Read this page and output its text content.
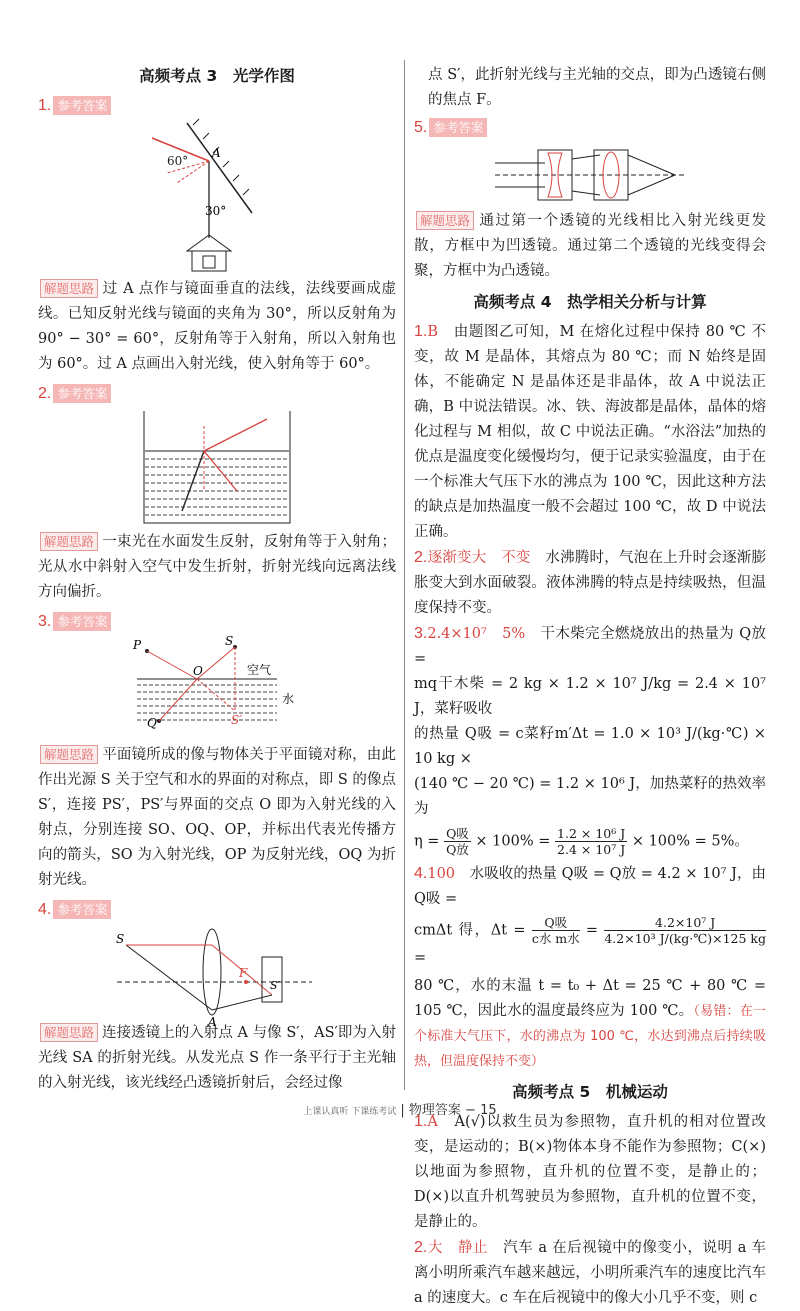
高频考点 3　光学作图
1. 参考答案
60°
A
30°

解题思路 过 A 点作与镜面垂直的法线，法线要画成虚线。已知反射光线与镜面的夹角为 30°，所以反射角为 90° − 30° = 60°，反射角等于入射角，所以入射角也为 60°。过 A 点画出入射光线，使入射角等于 60°。

2. 参考答案

解题思路 一束光在水面发生反射，反射角等于入射角；光从水中斜射入空气中发生折射，折射光线向远离法线方向偏折。

3. 参考答案
P	S
O
Q	S′
空气
水

解题思路 平面镜所成的像与物体关于平面镜对称，由此作出光源 S 关于空气和水的界面的对称点，即 S 的像点 S′，连接 PS′，PS′与界面的交点 O 即为入射光线的入射点，分别连接 SO、OQ、OP，并标出代表光传播方向的箭头，SO 为入射光线，OP 为反射光线，OQ 为折射光线。

4. 参考答案
S
A
F
S′

解题思路 连接透镜上的入射点 A 与像 S′，AS′即为入射光线 SA 的折射光线。从发光点 S 作一条平行于主光轴的入射光线，该光线经凸透镜折射后，会经过像

点 S′，此折射光线与主光轴的交点，即为凸透镜右侧的焦点 F。

5. 参考答案

解题思路 通过第一个透镜的光线相比入射光线更发散，方框中为凹透镜。通过第二个透镜的光线变得会聚，方框中为凸透镜。

高频考点 4　热学相关分析与计算

1.B　 由题图乙可知，M 在熔化过程中保持 80 ℃ 不变，故 M 是晶体，其熔点为 80 ℃；而 N 始终是固体，不能确定 N 是晶体还是非晶体，故 A 中说法正确，B 中说法错误。冰、铁、海波都是晶体，晶体的熔化过程与 M 相似，故 C 中说法正确。“水浴法”加热的优点是温度变化缓慢均匀，便于记录实验温度，由于在一个标准大气压下水的沸点为 100 ℃，因此这种方法的缺点是加热温度一般不会超过 100 ℃，故 D 中说法正确。

2.逐渐变大　不变　 水沸腾时，气泡在上升时会逐渐膨胀变大到水面破裂。液体沸腾的特点是持续吸热，但温度保持不变。

3.2.4×10⁷　5%　 干木柴完全燃烧放出的热量为 Q放 =

mq干木柴 = 2 kg × 1.2 × 10⁷ J/kg = 2.4 × 10⁷ J，菜籽吸收

的热量 Q吸 = c菜籽m′Δt = 1.0 × 10³ J/(kg·℃) × 10 kg ×

(140 ℃ − 20 ℃) = 1.2 × 10⁶ J，加热菜籽的热效率为

$\eta = \frac{\text{Q吸}}{\text{Q放}} \times 100\% = \frac{\text{1.2 × 10⁶ J}}{\text{2.4 × 10⁷ J}} \times 100\% = 5\%$。

4.100　 水吸收的热量 Q吸 = Q放 = 4.2 × 10⁷ J，由 Q吸 =

cmΔt 得，$\Delta t = \frac{\text{Q吸}}{\text{c水 m水}} = \frac{\text{4.2×10⁷ J}}{\text{4.2×10³ J/(kg·℃)×125 kg}}$
=

80 ℃，水的末温 t = t₀ + Δt = 25 ℃ + 80 ℃ = 105 ℃，因此水的温度最终应为 100 ℃。（易错：在一个标准大气压下，水的沸点为 100 ℃，水达到沸点后持续吸热，但温度保持不变）

高频考点 5　机械运动

1.A　 A(√)以救生员为参照物，直升机的相对位置改变，是运动的；B(×)物体本身不能作为参照物；C(×)以地面为参照物，直升机的位置不变，是静止的；D(×)以直升机驾驶员为参照物，直升机的位置不变，是静止的。

2.大　静止　 汽车 a 在后视镜中的像变小，说明 a 车离小明所乘汽车越来越远，小明所乘汽车的速度比汽车 a 的速度大。c 车在后视镜中的像大小几乎不变，则 c

上课认真听 下课练考试 | 物理答案 − 15
